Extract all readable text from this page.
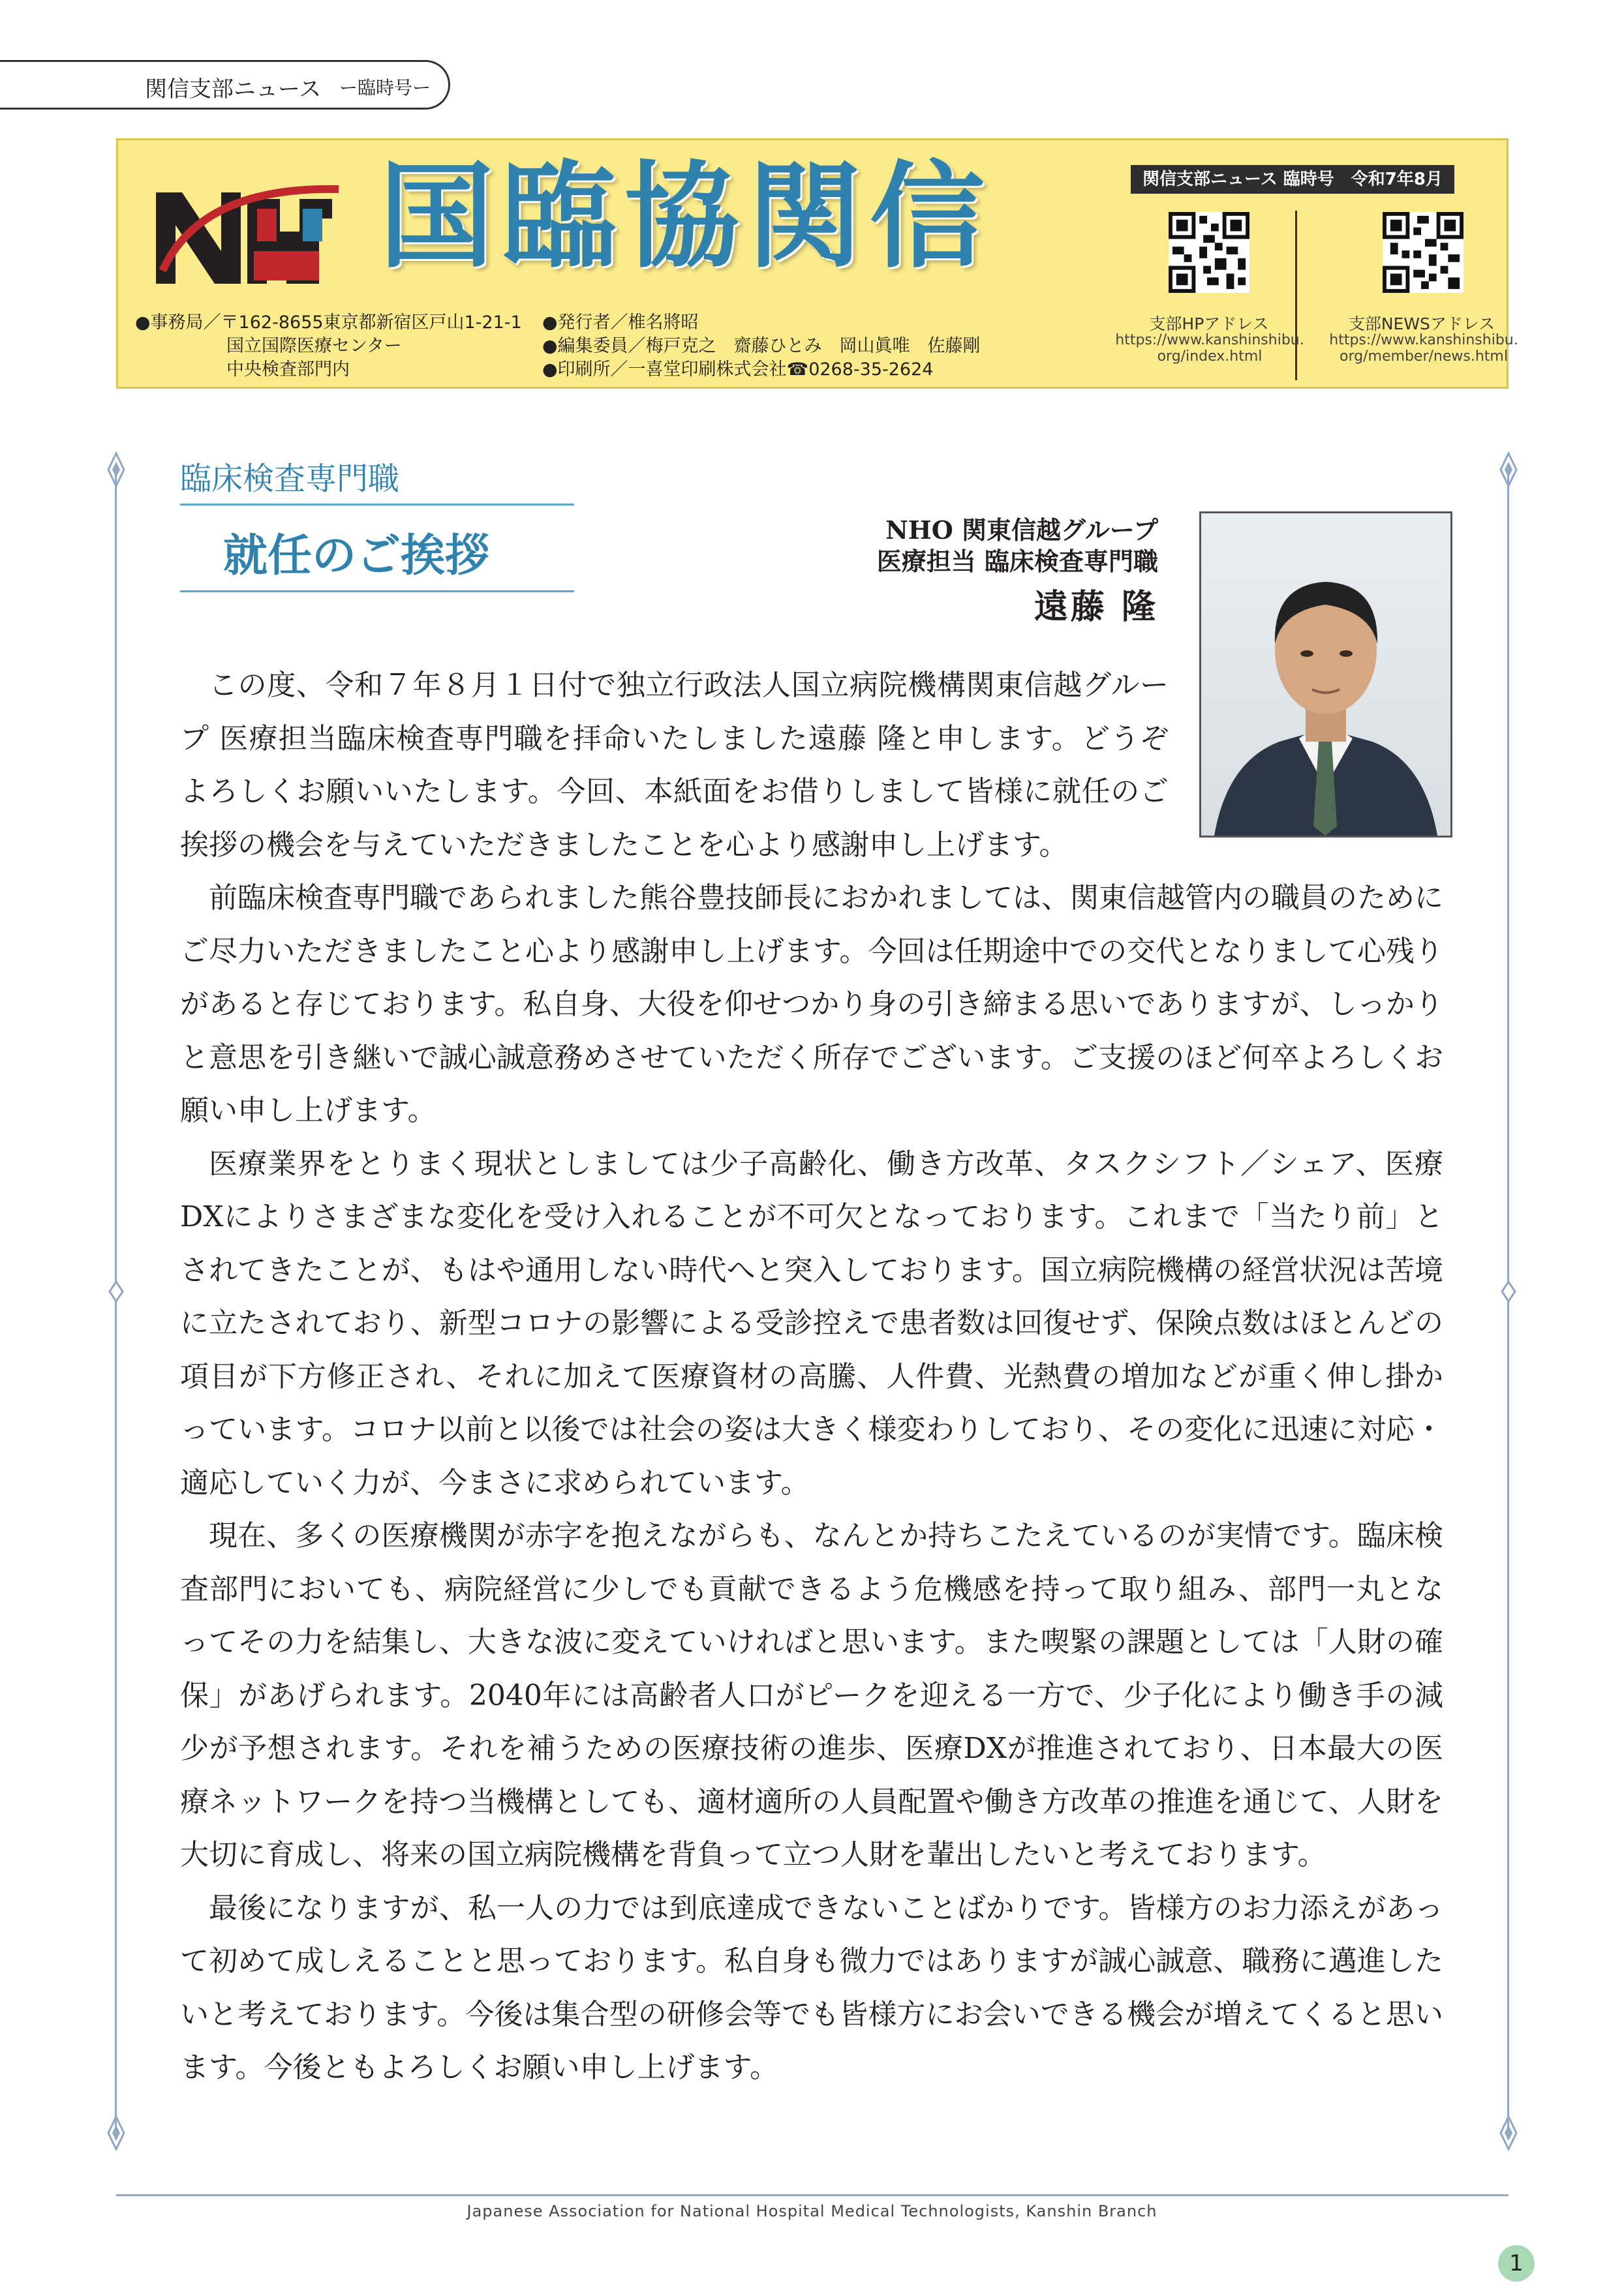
関信支部ニュース ー臨時号ー
国臨協関信	関信支部ニュース 臨時号　令和7年8月
支部HPアドレス
https://www.kanshinshibu.
org/index.html
支部NEWSアドレス
https://www.kanshinshibu.
org/member/news.html
●事務局／〒162-8655東京都新宿区戸山1-21-1
国立国際医療センター
中央検査部門内
●発行者／椎名將昭
●編集委員／梅戸克之　齋藤ひとみ　岡山眞唯　佐藤剛
●印刷所／一喜堂印刷株式会社☎0268-35-2624
臨床検査専門職
就任のご挨拶
NHO 関東信越グループ
医療担当 臨床検査専門職
遠藤 隆

この度、令和７年８月１日付で独立行政法人国立病院機構関東信越グループ 医療担当臨床検査専門職を拝命いたしました遠藤 隆と申します。どうぞよろしくお願いいたします。今回、本紙面をお借りしまして皆様に就任のご挨拶の機会を与えていただきましたことを心より感謝申し上げます。

前臨床検査専門職であられました熊谷豊技師長におかれましては、関東信越管内の職員のためにご尽力いただきましたこと心より感謝申し上げます。今回は任期途中での交代となりまして心残りがあると存じております。私自身、大役を仰せつかり身の引き締まる思いでありますが、しっかりと意思を引き継いで誠心誠意務めさせていただく所存でございます。ご支援のほど何卒よろしくお願い申し上げます。

医療業界をとりまく現状としましては少子高齢化、働き方改革、タスクシフト／シェア、医療DXによりさまざまな変化を受け入れることが不可欠となっております。これまで「当たり前」とされてきたことが、もはや通用しない時代へと突入しております。国立病院機構の経営状況は苦境に立たされており、新型コロナの影響による受診控えで患者数は回復せず、保険点数はほとんどの項目が下方修正され、それに加えて医療資材の高騰、人件費、光熱費の増加などが重く伸し掛かっています。コロナ以前と以後では社会の姿は大きく様変わりしており、その変化に迅速に対応・適応していく力が、今まさに求められています。

現在、多くの医療機関が赤字を抱えながらも、なんとか持ちこたえているのが実情です。臨床検査部門においても、病院経営に少しでも貢献できるよう危機感を持って取り組み、部門一丸となってその力を結集し、大きな波に変えていければと思います。また喫緊の課題としては「人財の確保」があげられます。2040年には高齢者人口がピークを迎える一方で、少子化により働き手の減少が予想されます。それを補うための医療技術の進歩、医療DXが推進されており、日本最大の医療ネットワークを持つ当機構としても、適材適所の人員配置や働き方改革の推進を通じて、人財を大切に育成し、将来の国立病院機構を背負って立つ人財を輩出したいと考えております。

最後になりますが、私一人の力では到底達成できないことばかりです。皆様方のお力添えがあって初めて成しえることと思っております。私自身も微力ではありますが誠心誠意、職務に邁進したいと考えております。今後は集合型の研修会等でも皆様方にお会いできる機会が増えてくると思います。今後ともよろしくお願い申し上げます。

Japanese Association for National Hospital Medical Technologists, Kanshin Branch
1
